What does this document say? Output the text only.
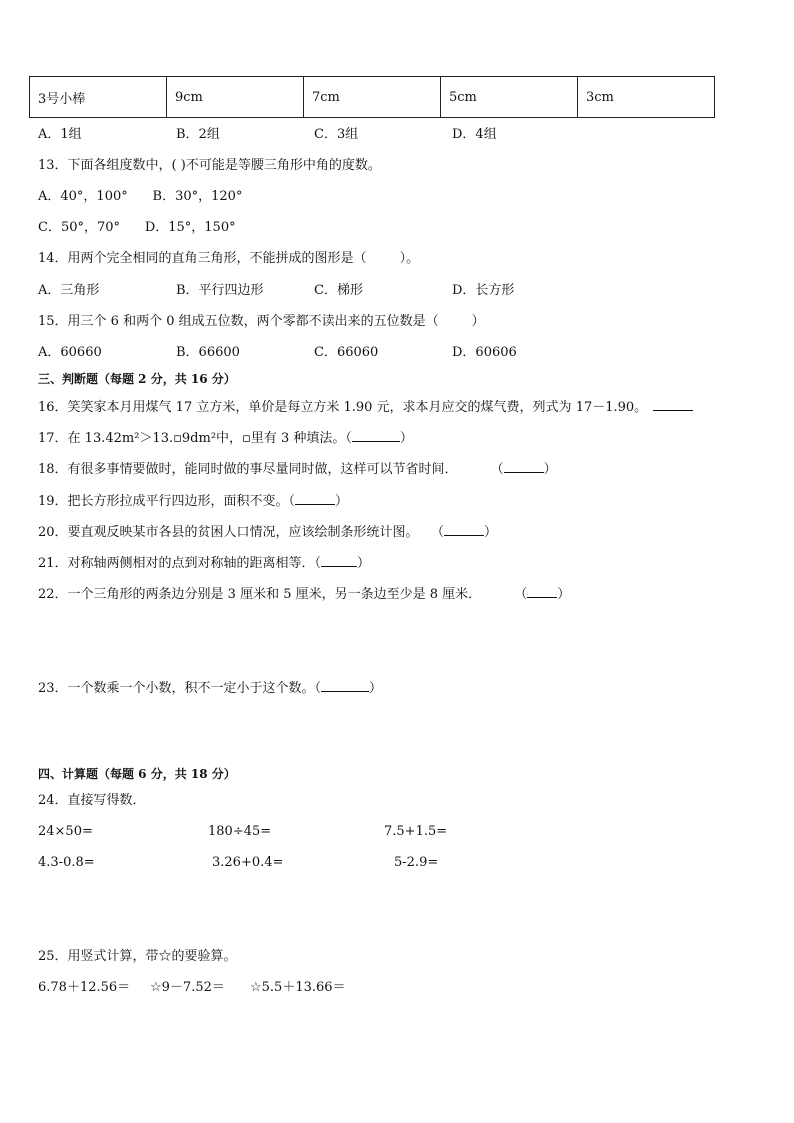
3号小棒	9cm	7cm	5cm	3cm
A．1组	B．2组	C．3组	D．4组
13．下面各组度数中，( )不可能是等腰三角形中角的度数。
A．40°，100°      B．30°，120°
C．50°，70°      D．15°，150°
14．用两个完全相同的直角三角形，不能拼成的图形是（        ）。
A．三角形	B．平行四边形	C．梯形	D．长方形
15．用三个 6 和两个 0 组成五位数，两个零都不读出来的五位数是（        ）
A．60660	B．66600	C．66060	D．60606
三、判断题（每题 2 分，共 16 分）
16．笑笑家本月用煤气 17 立方米，单价是每立方米 1.90 元，求本月应交的煤气费，列式为 17－1.90。
17．在 13.42m²＞13.▫9dm²中，▫里有 3 种填法。（	）
18．有很多事情要做时，能同时做的事尽量同时做，这样可以节省时间．        （	）
19．把长方形拉成平行四边形，面积不变。（	）
20．要直观反映某市各县的贫困人口情况，应该绘制条形统计图。   （	）
21．对称轴两侧相对的点到对称轴的距离相等．（	）
22．一个三角形的两条边分别是 3 厘米和 5 厘米，另一条边至少是 8 厘米．        （ ）
23．一个数乘一个小数，积不一定小于这个数。（	）
四、计算题（每题 6 分，共 18 分）
24．直接写得数．
24×50=	180÷45=	7.5+1.5=
4.3-0.8=	3.26+0.4=	5-2.9=
25．用竖式计算，带☆的要验算。
6.78＋12.56＝ ☆9－7.52＝ ☆5.5＋13.66＝
